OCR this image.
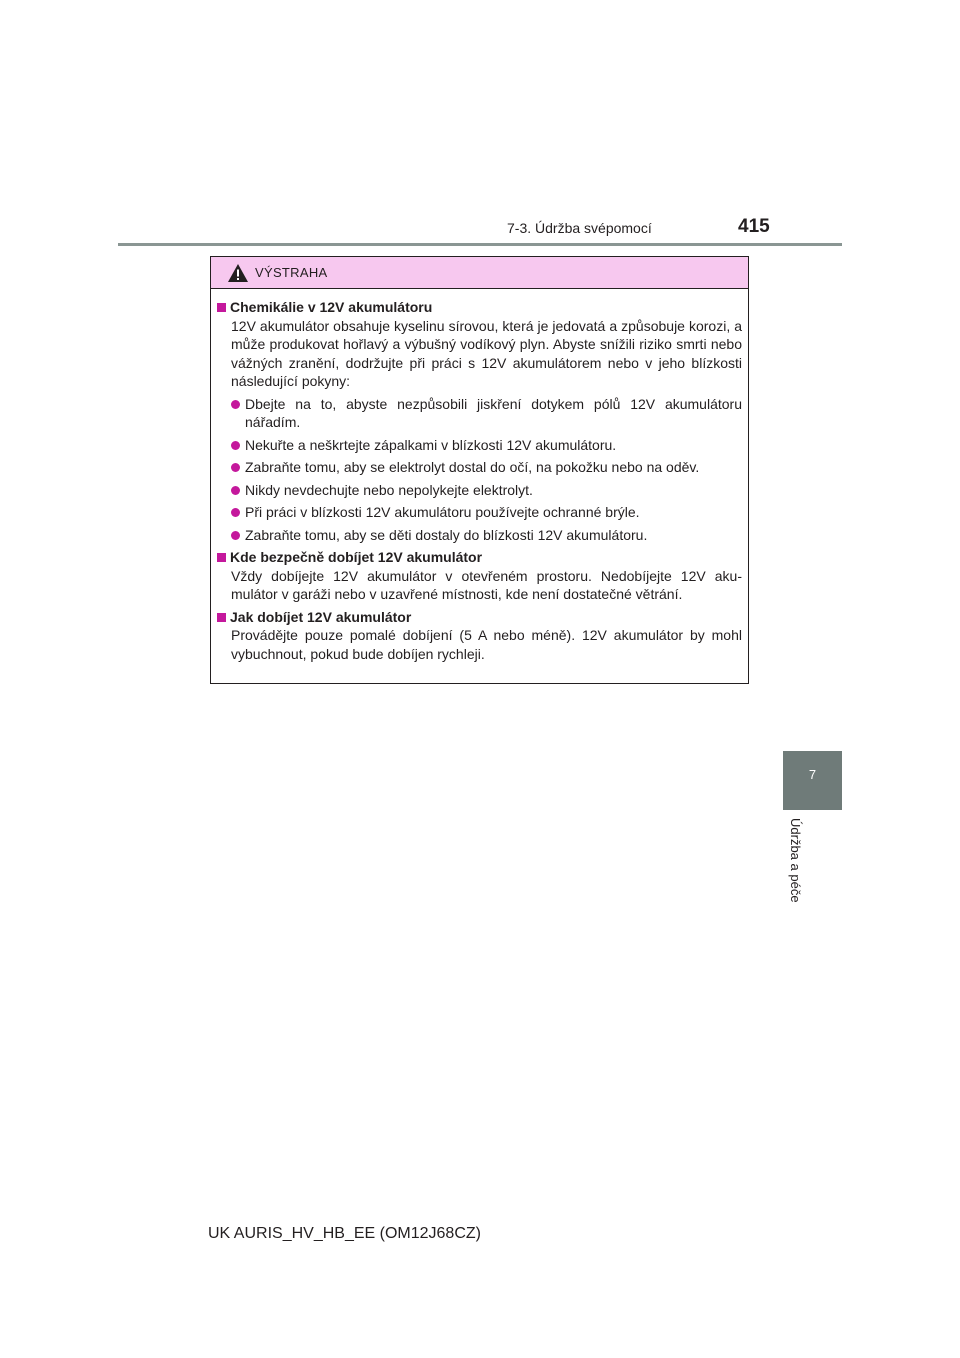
7-3. Údržba svépomocí	415
7
Údržba a péče
VÝSTRAHA
Chemikálie v 12V akumulátoru
12V akumulátor obsahuje kyselinu sírovou, která je jedovatá a způsobuje korozi, a může produkovat hořlavý a výbušný vodíkový plyn. Abyste snížili riziko smrti nebo vážných zranění, dodržujte při práci s 12V akumulátorem nebo v jeho blízkosti následující pokyny:
Dbejte na to, abyste nezpůsobili jiskření dotykem pólů 12V akumulátoru nářadím.
Nekuřte a neškrtejte zápalkami v blízkosti 12V akumulátoru.
Zabraňte tomu, aby se elektrolyt dostal do očí, na pokožku nebo na oděv.
Nikdy nevdechujte nebo nepolykejte elektrolyt.
Při práci v blízkosti 12V akumulátoru používejte ochranné brýle.
Zabraňte tomu, aby se děti dostaly do blízkosti 12V akumulátoru.
Kde bezpečně dobíjet 12V akumulátor
Vždy dobíjejte 12V akumulátor v otevřeném prostoru. Nedobíjejte 12V aku-mulátor v garáži nebo v uzavřené místnosti, kde není dostatečné větrání.
Jak dobíjet 12V akumulátor
Provádějte pouze pomalé dobíjení (5 A nebo méně). 12V akumulátor by mohl vybuchnout, pokud bude dobíjen rychleji.
UK AURIS_HV_HB_EE (OM12J68CZ)
